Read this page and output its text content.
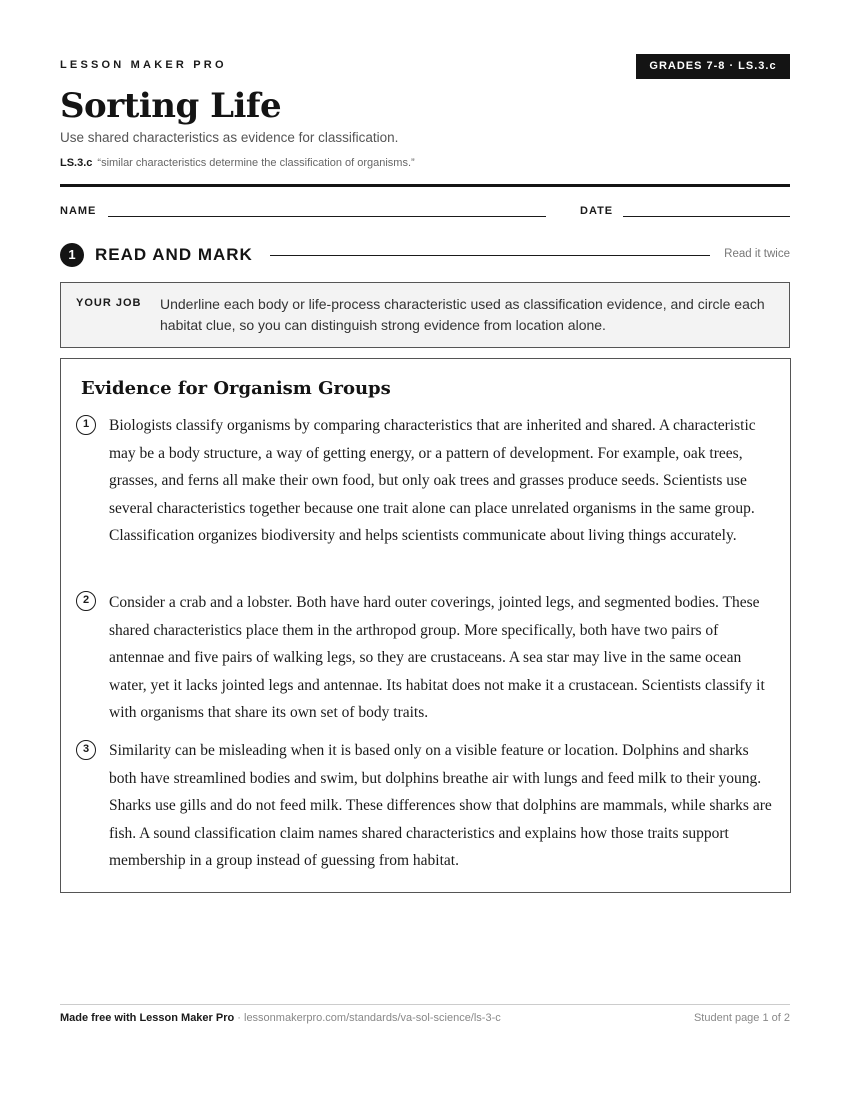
LESSON MAKER PRO	GRADES 7-8 · LS.3.c
Sorting Life
Use shared characteristics as evidence for classification.
LS.3.c “similar characteristics determine the classification of organisms.”
NAME	DATE
1	READ AND MARK	Read it twice
YOUR JOB Underline each body or life-process characteristic used as classification evidence, and circle each habitat clue, so you can distinguish strong evidence from location alone.
Evidence for Organism Groups
1	Biologists classify organisms by comparing characteristics that are inherited and shared. A characteristic may be a body structure, a way of getting energy, or a pattern of development. For example, oak trees, grasses, and ferns all make their own food, but only oak trees and grasses produce seeds. Scientists use several characteristics together because one trait alone can place unrelated organisms in the same group. Classification organizes biodiversity and helps scientists communicate about living things accurately.

2	Consider a crab and a lobster. Both have hard outer coverings, jointed legs, and segmented bodies. These shared characteristics place them in the arthropod group. More specifically, both have two pairs of antennae and five pairs of walking legs, so they are crustaceans. A sea star may live in the same ocean water, yet it lacks jointed legs and antennae. Its habitat does not make it a crustacean. Scientists classify it with organisms that share its own set of body traits.

3	Similarity can be misleading when it is based only on a visible feature or location. Dolphins and sharks both have streamlined bodies and swim, but dolphins breathe air with lungs and feed milk to their young. Sharks use gills and do not feed milk. These differences show that dolphins are mammals, while sharks are fish. A sound classification claim names shared characteristics and explains how those traits support membership in a group instead of guessing from habitat.

Made free with Lesson Maker Pro · lessonmakerpro.com/standards/va-sol-science/ls-3-c	Student page 1 of 2
